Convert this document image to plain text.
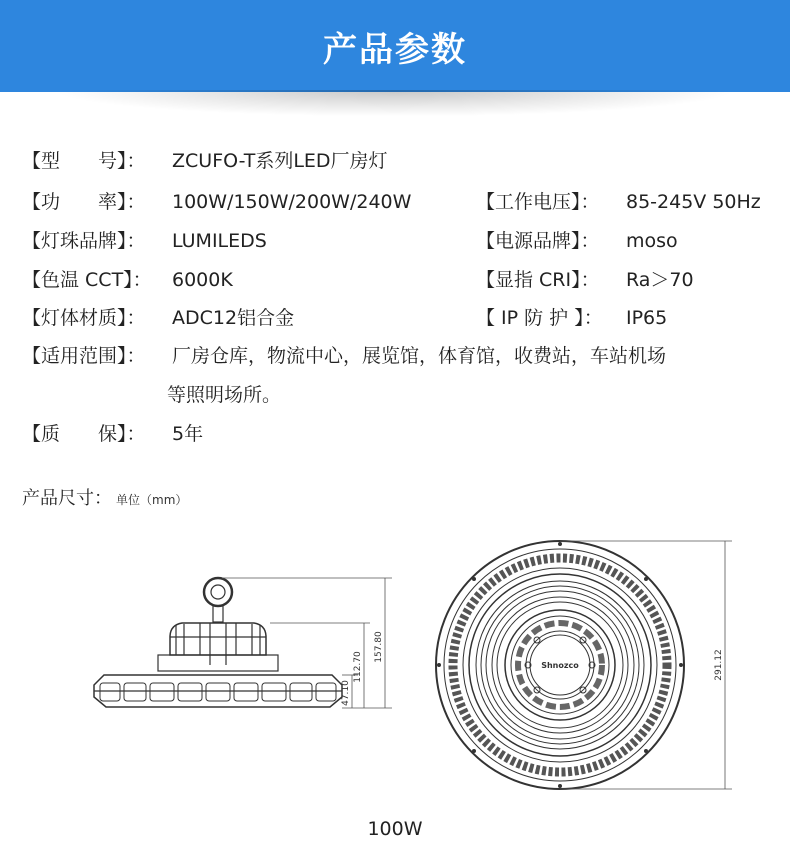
产品参数
【型　　号】： ZCUFO-T系列LED厂房灯
【功　　率】： 100W/150W/200W/240W	【工作电压】： 85-245V 50Hz
【灯珠品牌】： LUMILEDS	【电源品牌】： moso
【色温 CCT】： 6000K	【显指 CRI】： Ra＞70
【灯体材质】： ADC12铝合金	【 IP 防 护 】： IP65
【适用范围】： 厂房仓库，物流中心，展览馆，体育馆，收费站，车站机场
等照明场所。
【质　　保】： 5年
产品尺寸： 单位（mm）
157.80
112.70
47.10
Shnozco	291.12
100W
